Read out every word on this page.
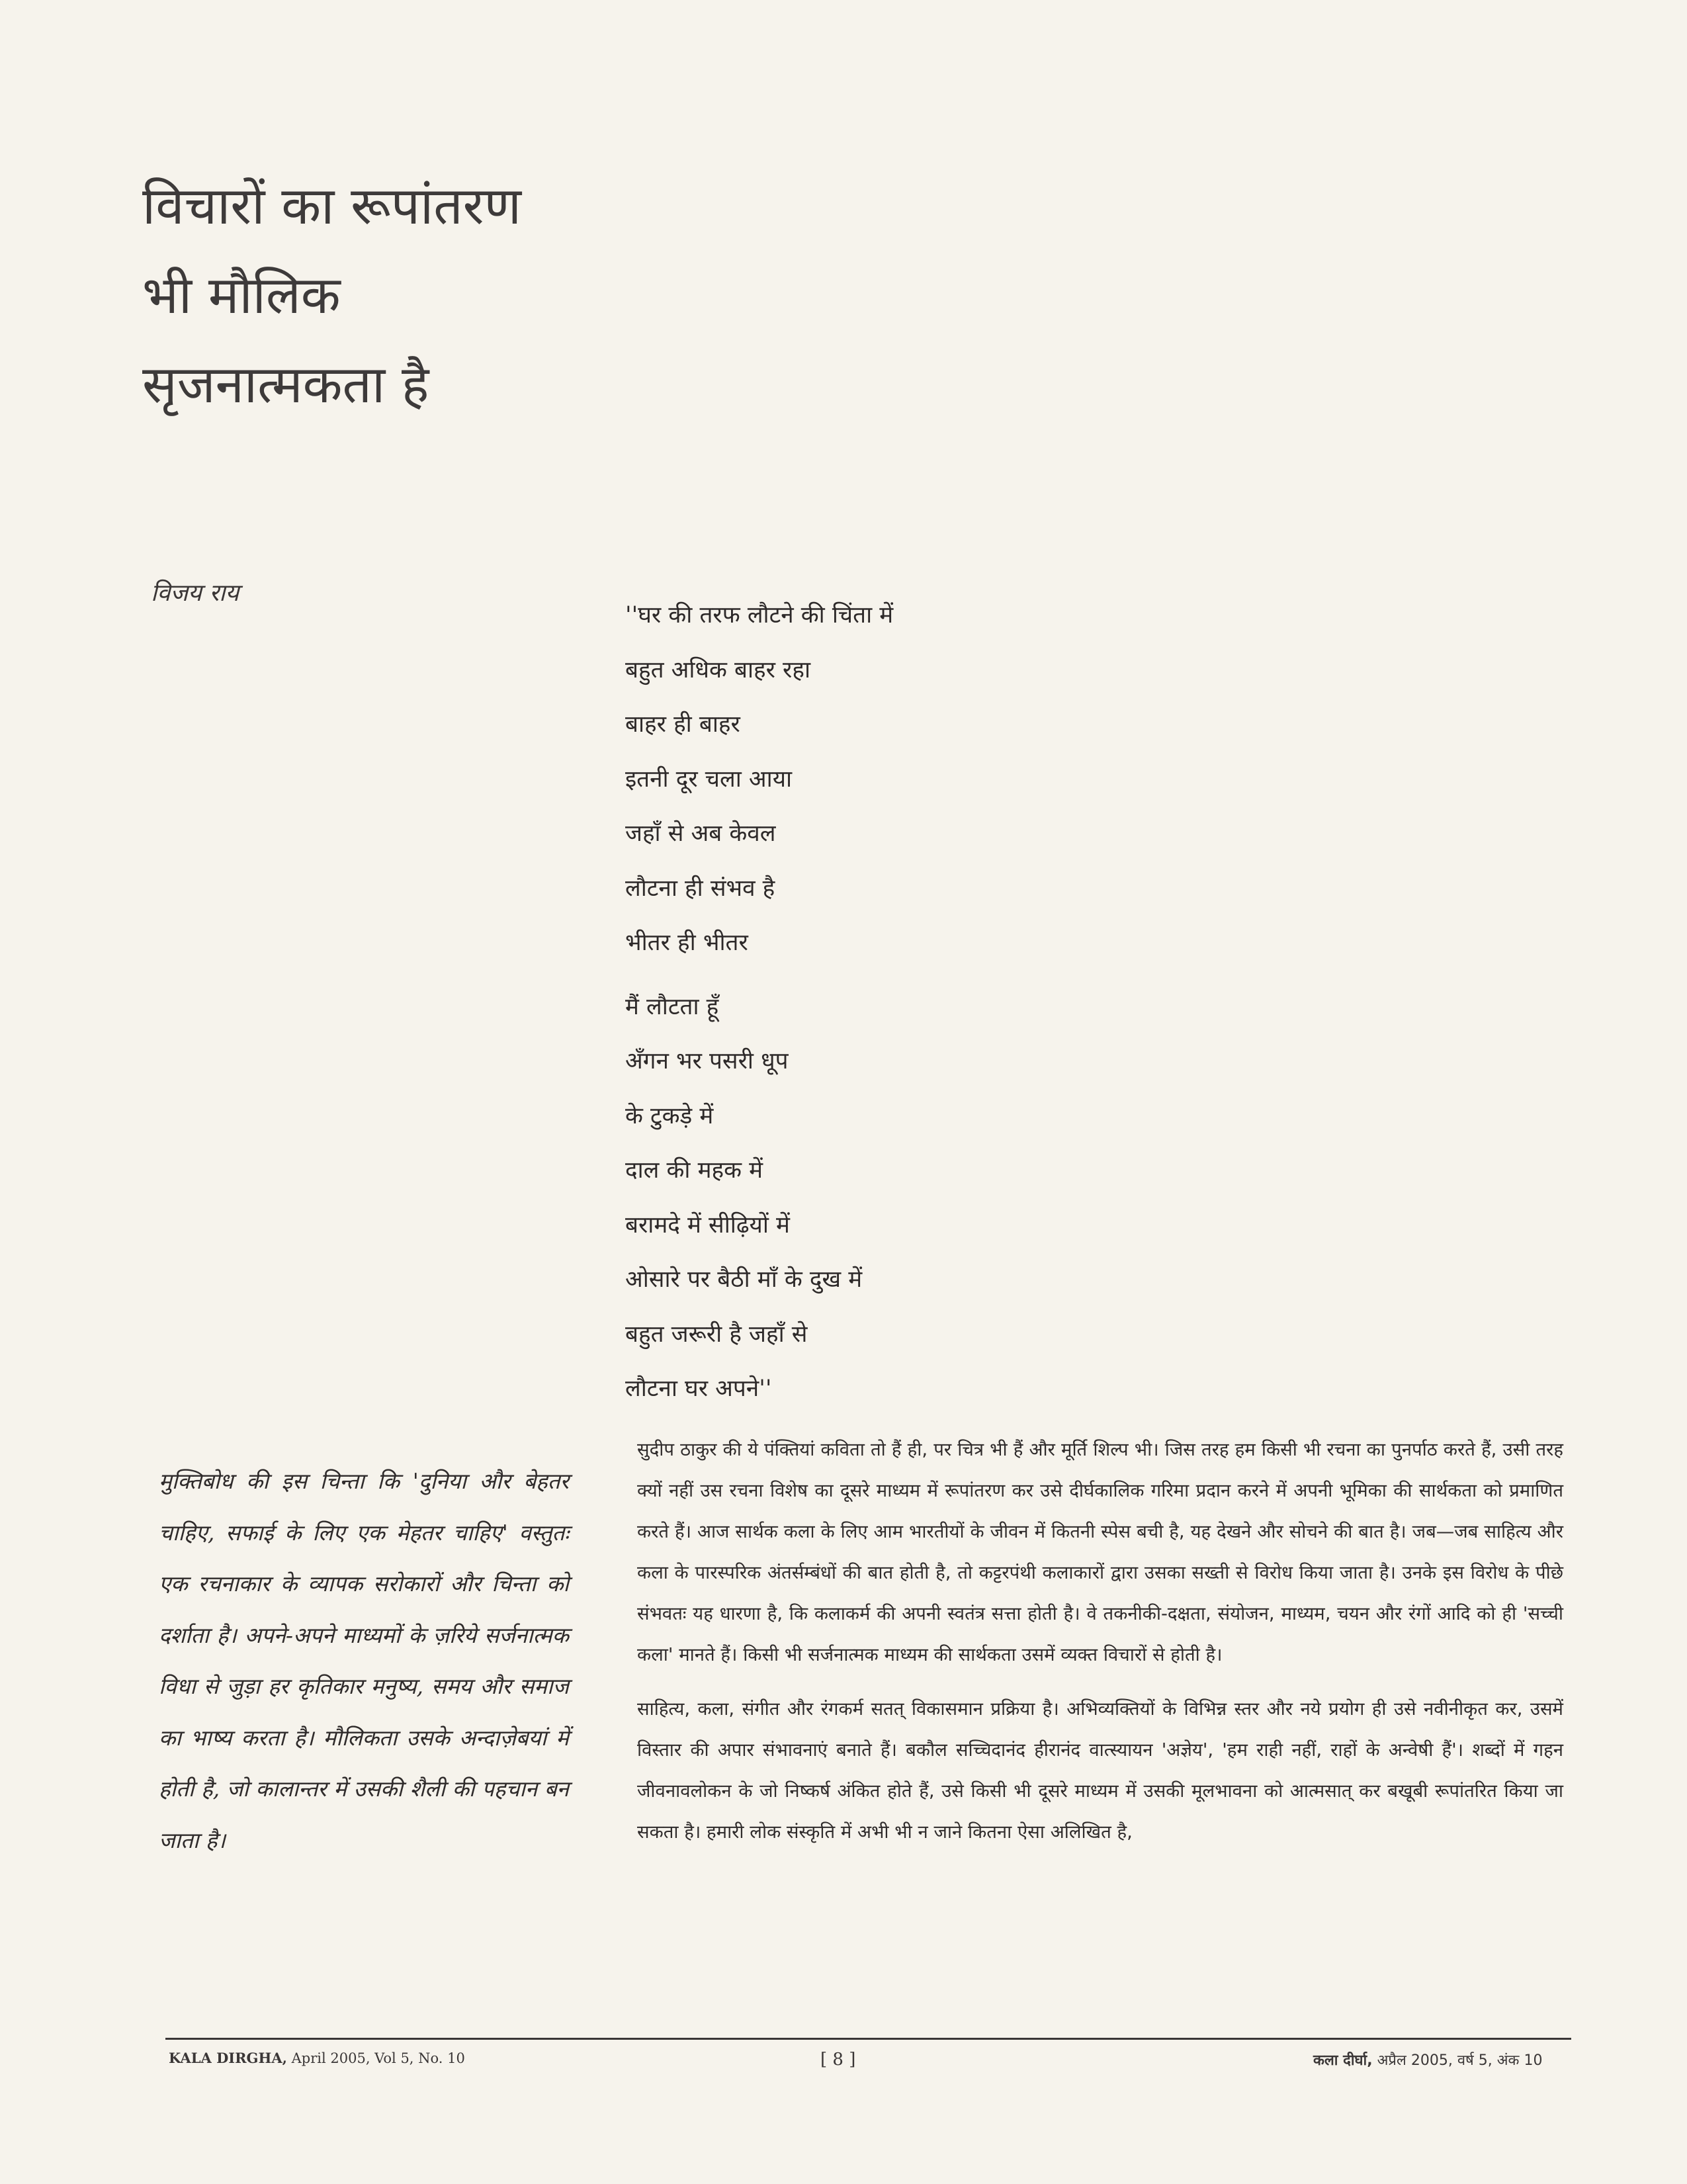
विचारों का रूपांतरण
भी मौलिक
सृजनात्मकता है
विजय राय
''घर की तरफ लौटने की चिंता में
बहुत अधिक बाहर रहा
बाहर ही बाहर
इतनी दूर चला आया
जहाँ से अब केवल
लौटना ही संभव है
भीतर ही भीतर
मैं लौटता हूँ
अँगन भर पसरी धूप
के टुकड़े में
दाल की महक में
बरामदे में सीढ़ियों में
ओसारे पर बैठी माँ के दुख में
बहुत जरूरी है जहाँ से
लौटना घर अपने''
मुक्तिबोध की इस चिन्ता कि 'दुनिया और बेहतर चाहिए, सफाई के लिए एक मेहतर चाहिए' वस्तुतः एक रचनाकार के व्यापक सरोकारों और चिन्ता को दर्शाता है। अपने-अपने माध्यमों के ज़रिये सर्जनात्मक विधा से जुड़ा हर कृतिकार मनुष्य, समय और समाज का भाष्य करता है। मौलिकता उसके अन्दाज़ेबयां में होती है, जो कालान्तर में उसकी शैली की पहचान बन जाता है।

सुदीप ठाकुर की ये पंक्तियां कविता तो हैं ही, पर चित्र भी हैं और मूर्ति शिल्प भी। जिस तरह हम किसी भी रचना का पुनर्पाठ करते हैं, उसी तरह क्यों नहीं उस रचना विशेष का दूसरे माध्यम में रूपांतरण कर उसे दीर्घकालिक गरिमा प्रदान करने में अपनी भूमिका की सार्थकता को प्रमाणित करते हैं। आज सार्थक कला के लिए आम भारतीयों के जीवन में कितनी स्पेस बची है, यह देखने और सोचने की बात है। जब—जब साहित्य और कला के पारस्परिक अंतर्सम्बंधों की बात होती है, तो कट्टरपंथी कलाकारों द्वारा उसका सख्ती से विरोध किया जाता है। उनके इस विरोध के पीछे संभवतः यह धारणा है, कि कलाकर्म की अपनी स्वतंत्र सत्ता होती है। वे तकनीकी-दक्षता, संयोजन, माध्यम, चयन और रंगों आदि को ही 'सच्ची कला' मानते हैं। किसी भी सर्जनात्मक माध्यम की सार्थकता उसमें व्यक्त विचारों से होती है।

साहित्य, कला, संगीत और रंगकर्म सतत् विकासमान प्रक्रिया है। अभिव्यक्तियों के विभिन्न स्तर और नये प्रयोग ही उसे नवीनीकृत कर, उसमें विस्तार की अपार संभावनाएं बनाते हैं। बकौल सच्चिदानंद हीरानंद वात्स्यायन 'अज्ञेय', 'हम राही नहीं, राहों के अन्वेषी हैं'। शब्दों में गहन जीवनावलोकन के जो निष्कर्ष अंकित होते हैं, उसे किसी भी दूसरे माध्यम में उसकी मूलभावना को आत्मसात् कर बखूबी रूपांतरित किया जा सकता है। हमारी लोक संस्कृति में अभी भी न जाने कितना ऐसा अलिखित है,

KALA DIRGHA, April 2005, Vol 5, No. 10	[ 8 ]	कला दीर्घा, अप्रैल 2005, वर्ष 5, अंक 10
